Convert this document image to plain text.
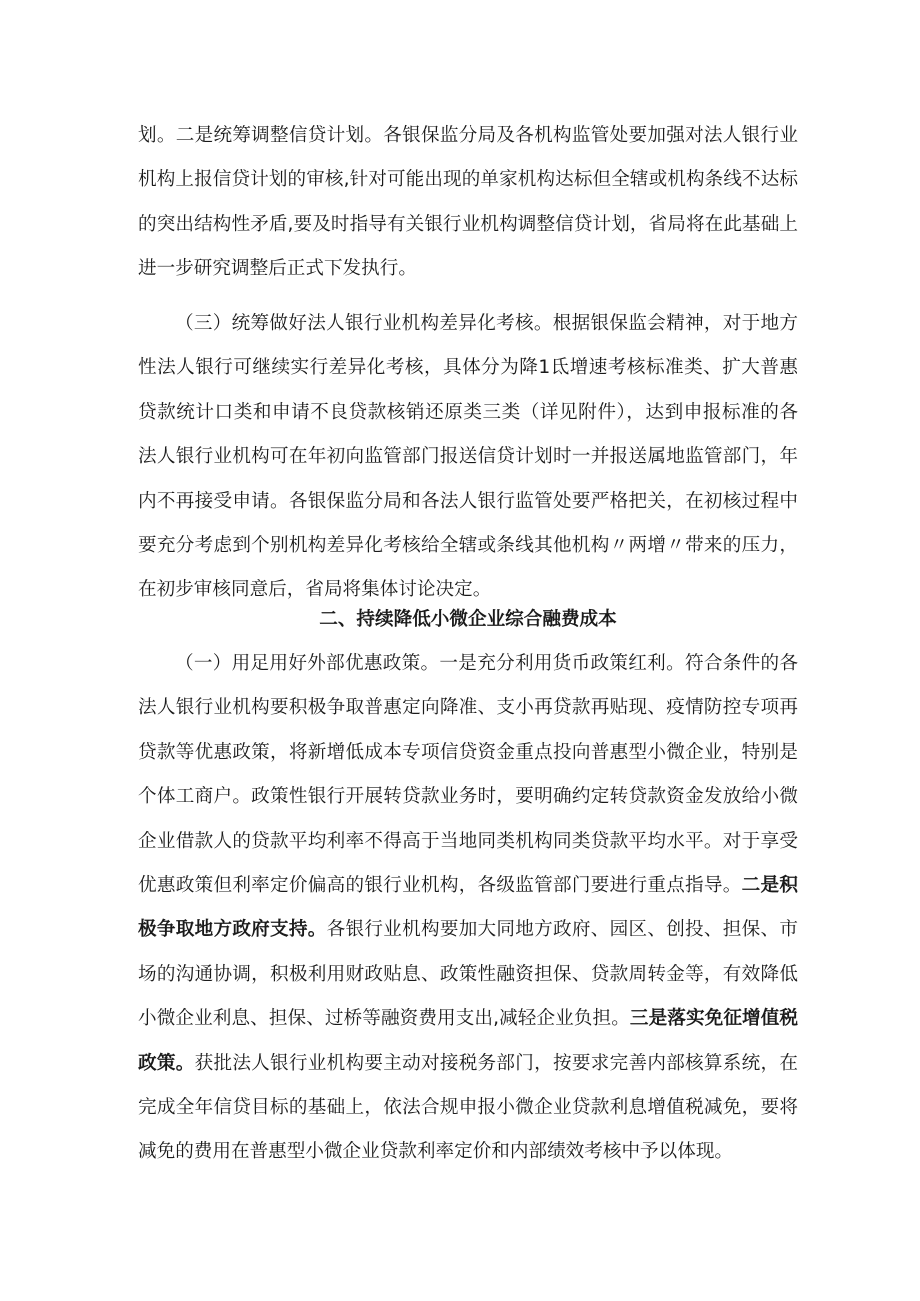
划。二是统筹调整信贷计划。各银保监分局及各机构监管处要加强对法人银行业机构上报信贷计划的审核,针对可能出现的单家机构达标但全辖或机构条线不达标的突出结构性矛盾,要及时指导有关银行业机构调整信贷计划，省局将在此基础上进一步研究调整后正式下发执行。

（三）统筹做好法人银行业机构差异化考核。根据银保监会精神，对于地方性法人银行可继续实行差异化考核，具体分为降1氐增速考核标准类、扩大普惠贷款统计口类和申请不良贷款核销还原类三类（详见附件），达到申报标准的各法人银行业机构可在年初向监管部门报送信贷计划时一并报送属地监管部门，年内不再接受申请。各银保监分局和各法人银行监管处要严格把关，在初核过程中要充分考虑到个别机构差异化考核给全辖或条线其他机构〃两增〃带来的压力，在初步审核同意后，省局将集体讨论决定。

二、持续降低小微企业综合融费成本

（一）用足用好外部优惠政策。一是充分利用货币政策红利。符合条件的各法人银行业机构要积极争取普惠定向降准、支小再贷款再贴现、疫情防控专项再贷款等优惠政策，将新增低成本专项信贷资金重点投向普惠型小微企业，特别是个体工商户。政策性银行开展转贷款业务时，要明确约定转贷款资金发放给小微企业借款人的贷款平均利率不得高于当地同类机构同类贷款平均水平。对于享受优惠政策但利率定价偏高的银行业机构，各级监管部门要进行重点指导。二是积极争取地方政府支持。各银行业机构要加大同地方政府、园区、创投、担保、市场的沟通协调，积极利用财政贴息、政策性融资担保、贷款周转金等，有效降低小微企业利息、担保、过桥等融资费用支出,减轻企业负担。三是落实免征增值税政策。获批法人银行业机构要主动对接税务部门，按要求完善内部核算系统，在完成全年信贷目标的基础上，依法合规申报小微企业贷款利息增值税减免，要将减免的费用在普惠型小微企业贷款利率定价和内部绩效考核中予以体现。
